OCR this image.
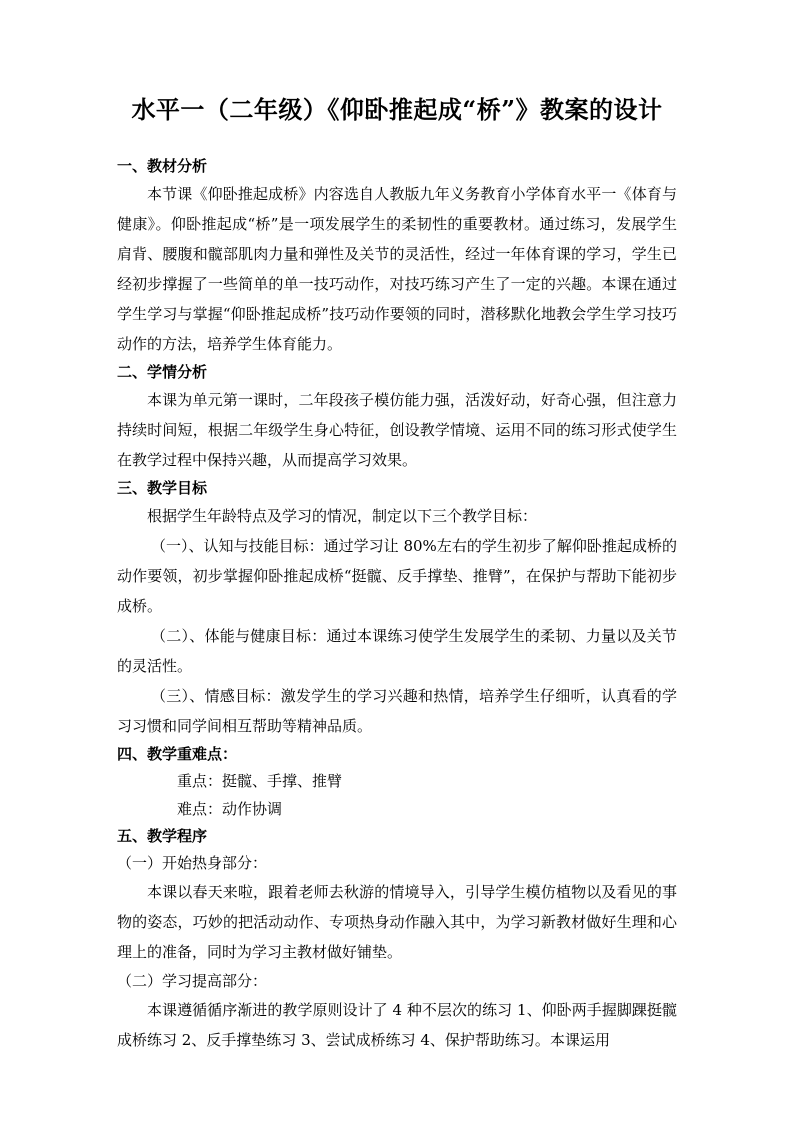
水平一（二年级）《仰卧推起成“桥”》教案的设计
一、教材分析
本节课《仰卧推起成桥》内容选自人教版九年义务教育小学体育水平一《体育与健康》。仰卧推起成“桥”是一项发展学生的柔韧性的重要教材。通过练习，发展学生肩背、腰腹和髋部肌肉力量和弹性及关节的灵活性，经过一年体育课的学习，学生已经初步撑握了一些简单的单一技巧动作，对技巧练习产生了一定的兴趣。本课在通过学生学习与掌握“仰卧推起成桥”技巧动作要领的同时，潜移默化地教会学生学习技巧动作的方法，培养学生体育能力。
二、学情分析
本课为单元第一课时，二年段孩子模仿能力强，活泼好动，好奇心强，但注意力持续时间短，根据二年级学生身心特征，创设教学情境、运用不同的练习形式使学生在教学过程中保持兴趣，从而提高学习效果。
三、教学目标
根据学生年龄特点及学习的情况，制定以下三个教学目标：
（一）、认知与技能目标：通过学习让 80%左右的学生初步了解仰卧推起成桥的动作要领，初步掌握仰卧推起成桥“挺髋、反手撑垫、推臂”，在保护与帮助下能初步成桥。
（二）、体能与健康目标：通过本课练习使学生发展学生的柔韧、力量以及关节的灵活性。
（三）、情感目标：激发学生的学习兴趣和热情，培养学生仔细听，认真看的学习习惯和同学间相互帮助等精神品质。
四、教学重难点：
重点：挺髋、手撑、推臂
难点：动作协调
五、教学程序
（一）开始热身部分：
本课以春天来啦，跟着老师去秋游的情境导入，引导学生模仿植物以及看见的事物的姿态，巧妙的把活动动作、专项热身动作融入其中，为学习新教材做好生理和心理上的准备，同时为学习主教材做好铺垫。
（二）学习提高部分：
本课遵循循序渐进的教学原则设计了 4 种不层次的练习 1、仰卧两手握脚踝挺髋成桥练习 2、反手撑垫练习 3、尝试成桥练习 4、保护帮助练习。本课运用
